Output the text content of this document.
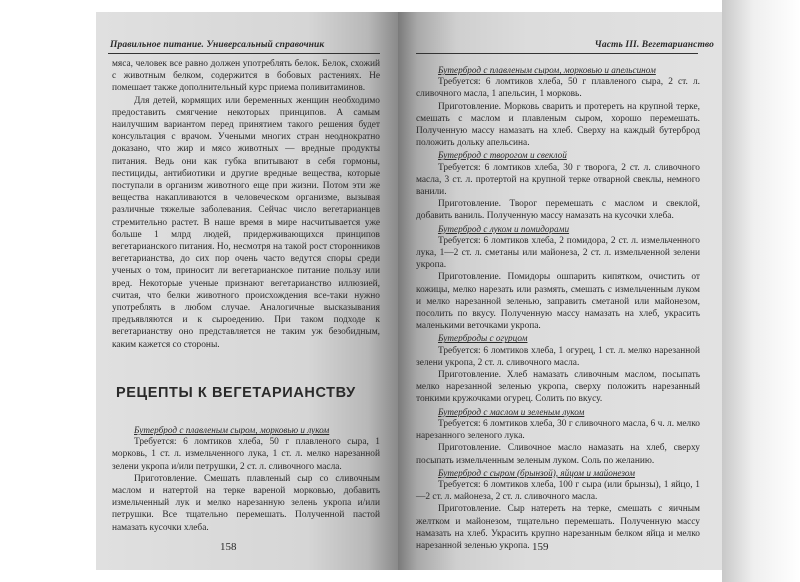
Правильное питание. Универсальный справочник	Часть III. Вегетарианство

мяса, человек все равно должен употреблять белок. Белок, схожий с животным белком, содержится в бобовых растениях. Не помешает также дополнительный курс приема поливитаминов.

Для детей, кормящих или беременных женщин необходимо предоставить смягчение некоторых принципов. А самым наилучшим вариантом перед принятием такого решения будет консультация с врачом. Учеными многих стран неоднократно доказано, что жир и мясо животных — вредные продукты питания. Ведь они как губка впитывают в себя гормоны, пестициды, антибиотики и другие вредные вещества, которые поступали в организм животного еще при жизни. Потом эти же вещества накапливаются в человеческом организме, вызывая различные тяжелые заболевания. Сейчас число вегетарианцев стремительно растет. В наше время в мире насчитывается уже больше 1 млрд людей, придерживающихся принципов вегетарианского питания. Но, несмотря на такой рост сторонников вегетарианства, до сих пор очень часто ведутся споры среди ученых о том, приносит ли вегетарианское питание пользу или вред. Некоторые ученые признают вегетарианство иллюзией, считая, что белки животного происхождения все-таки нужно употреблять в любом случае. Аналогичные высказывания предъявляются и к сыроедению. При таком подходе к вегетарианству оно представляется не таким уж безобидным, каким кажется со стороны.

РЕЦЕПТЫ К ВЕГЕТАРИАНСТВУ
Бутерброд с плавленым сыром, морковью и луком

Требуется: 6 ломтиков хлеба, 50 г плавленого сыра, 1 морковь, 1 ст. л. измельченного лука, 1 ст. л. мелко нарезанной зелени укропа и/или петрушки, 2 ст. л. сливочного масла.

Приготовление. Смешать плавленый сыр со сливочным маслом и натертой на терке вареной морковью, добавить измельченный лук и мелко нарезанную зелень укропа и/или петрушки. Все тщательно перемешать. Полученной пастой намазать кусочки хлеба.

158
Бутерброд с плавленым сыром, морковью и апельсином

Требуется: 6 ломтиков хлеба, 50 г плавленого сыра, 2 ст. л. сливочного масла, 1 апельсин, 1 морковь.

Приготовление. Морковь сварить и протереть на крупной терке, смешать с маслом и плавленым сыром, хорошо перемешать. Полученную массу намазать на хлеб. Сверху на каждый бутерброд положить дольку апельсина.

Бутерброд с творогом и свеклой

Требуется: 6 ломтиков хлеба, 30 г творога, 2 ст. л. сливочного масла, 3 ст. л. протертой на крупной терке отварной свеклы, немного ванили.

Приготовление. Творог перемешать с маслом и свеклой, добавить ваниль. Полученную массу намазать на кусочки хлеба.

Бутерброд с луком и помидорами

Требуется: 6 ломтиков хлеба, 2 помидора, 2 ст. л. измельченного лука, 1—2 ст. л. сметаны или майонеза, 2 ст. л. измельченной зелени укропа.

Приготовление. Помидоры ошпарить кипятком, очистить от кожицы, мелко нарезать или размять, смешать с измельченным луком и мелко нарезанной зеленью, заправить сметаной или майонезом, посолить по вкусу. Полученную массу намазать на хлеб, украсить маленькими веточками укропа.

Бутерброды с огурцом

Требуется: 6 ломтиков хлеба, 1 огурец, 1 ст. л. мелко нарезанной зелени укропа, 2 ст. л. сливочного масла.

Приготовление. Хлеб намазать сливочным маслом, посыпать мелко нарезанной зеленью укропа, сверху положить нарезанный тонкими кружочками огурец. Солить по вкусу.

Бутерброд с маслом и зеленым луком

Требуется: 6 ломтиков хлеба, 30 г сливочного масла, 6 ч. л. мелко нарезанного зеленого лука.

Приготовление. Сливочное масло намазать на хлеб, сверху посыпать измельченным зеленым луком. Соль по желанию.

Бутерброд с сыром (брынзой), яйцом и майонезом

Требуется: 6 ломтиков хлеба, 100 г сыра (или брынзы), 1 яйцо, 1—2 ст. л. майонеза, 2 ст. л. сливочного масла.

Приготовление. Сыр натереть на терке, смешать с яичным желтком и майонезом, тщательно перемешать. Полученную массу намазать на хлеб. Украсить крупно нарезанным белком яйца и мелко нарезанной зеленью укропа. 159
